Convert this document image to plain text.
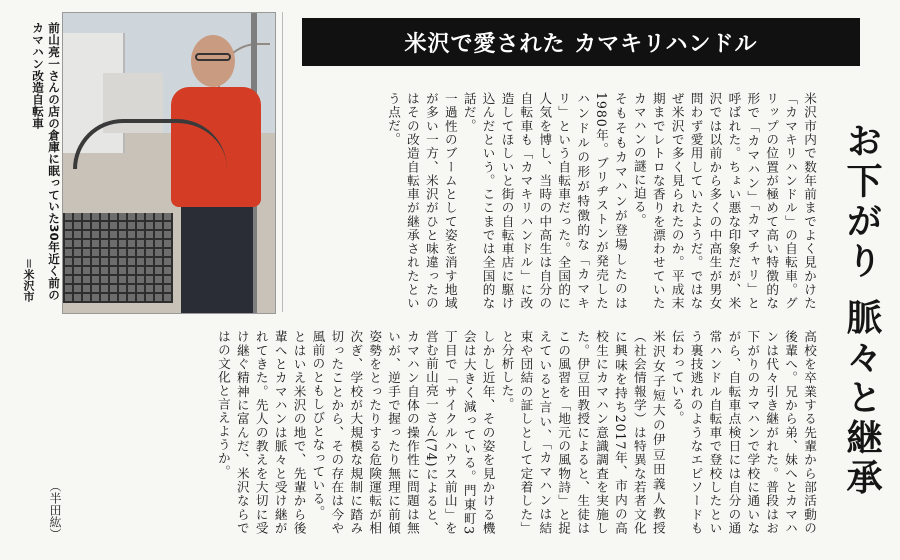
前山亮一さんの店の倉庫に眠っていた30年近く前のカマハン改造自転車
＝米沢市
米沢で愛された カマキリハンドル
お下がり 脈々と継承
米沢市内で数年前までよく見かけた「カマキリハンドル」の自転車。グリップの位置が極めて高い特徴的な形で「カマハン」「カマチャリ」と呼ばれた。ちょい悪な印象だが、米沢では以前から多くの中高生が男女問わず愛用していたようだ。ではなぜ米沢で多く見られたのか。平成末期までレトロな香りを漂わせていたカマハンの謎に迫る。
そもそもカマハンが登場したのは1980年。ブリヂストンが発売したハンドルの形が特徴的な「カマキリ」という自転車だった。全国的に人気を博し、当時の中高生は自分の自転車も「カマキリハンドル」に改造してほしいと街の自転車店に駆け込んだという。ここまでは全国的な話だ。
一過性のブームとして姿を消す地域が多い一方、米沢がひと味違ったのはその改造自転車が継承されたという点だ。
高校を卒業する先輩から部活動の後輩へ。兄から弟、妹へとカマハンは代々引き継がれた。普段はお下がりのカマハンで学校に通いながら、自転車点検日には自分の通常ハンドル自転車で登校したという裏技逃れのようなエピソードも伝わっている。
米沢女子短大の伊豆田義人教授（社会情報学）は特異な若者文化に興味を持ち2017年、市内の高校生にカマハン意識調査を実施した。伊豆田教授によると、生徒はこの風習を「地元の風物詩」と捉えていると言い、「カマハンは結束や団結の証しとして定着した」と分析した。
しかし近年、その姿を見かける機会は大きく減っている。門東町3丁目で「サイクルハウス前山」を営む前山亮一さん(74)によると、カマハン自体の操作性に問題は無いが、逆手で握ったり無理に前傾姿勢をとったりする危険運転が相次ぎ、学校が大規模な規制に踏み切ったことから、その存在は今や風前のともしびとなっている。
とはいえ米沢の地で、先輩から後輩へとカマハンは脈々と受け継がれてきた。先人の教えを大切に受け継ぐ精神に富んだ、米沢ならではの文化と言えようか。
（半田紘）
